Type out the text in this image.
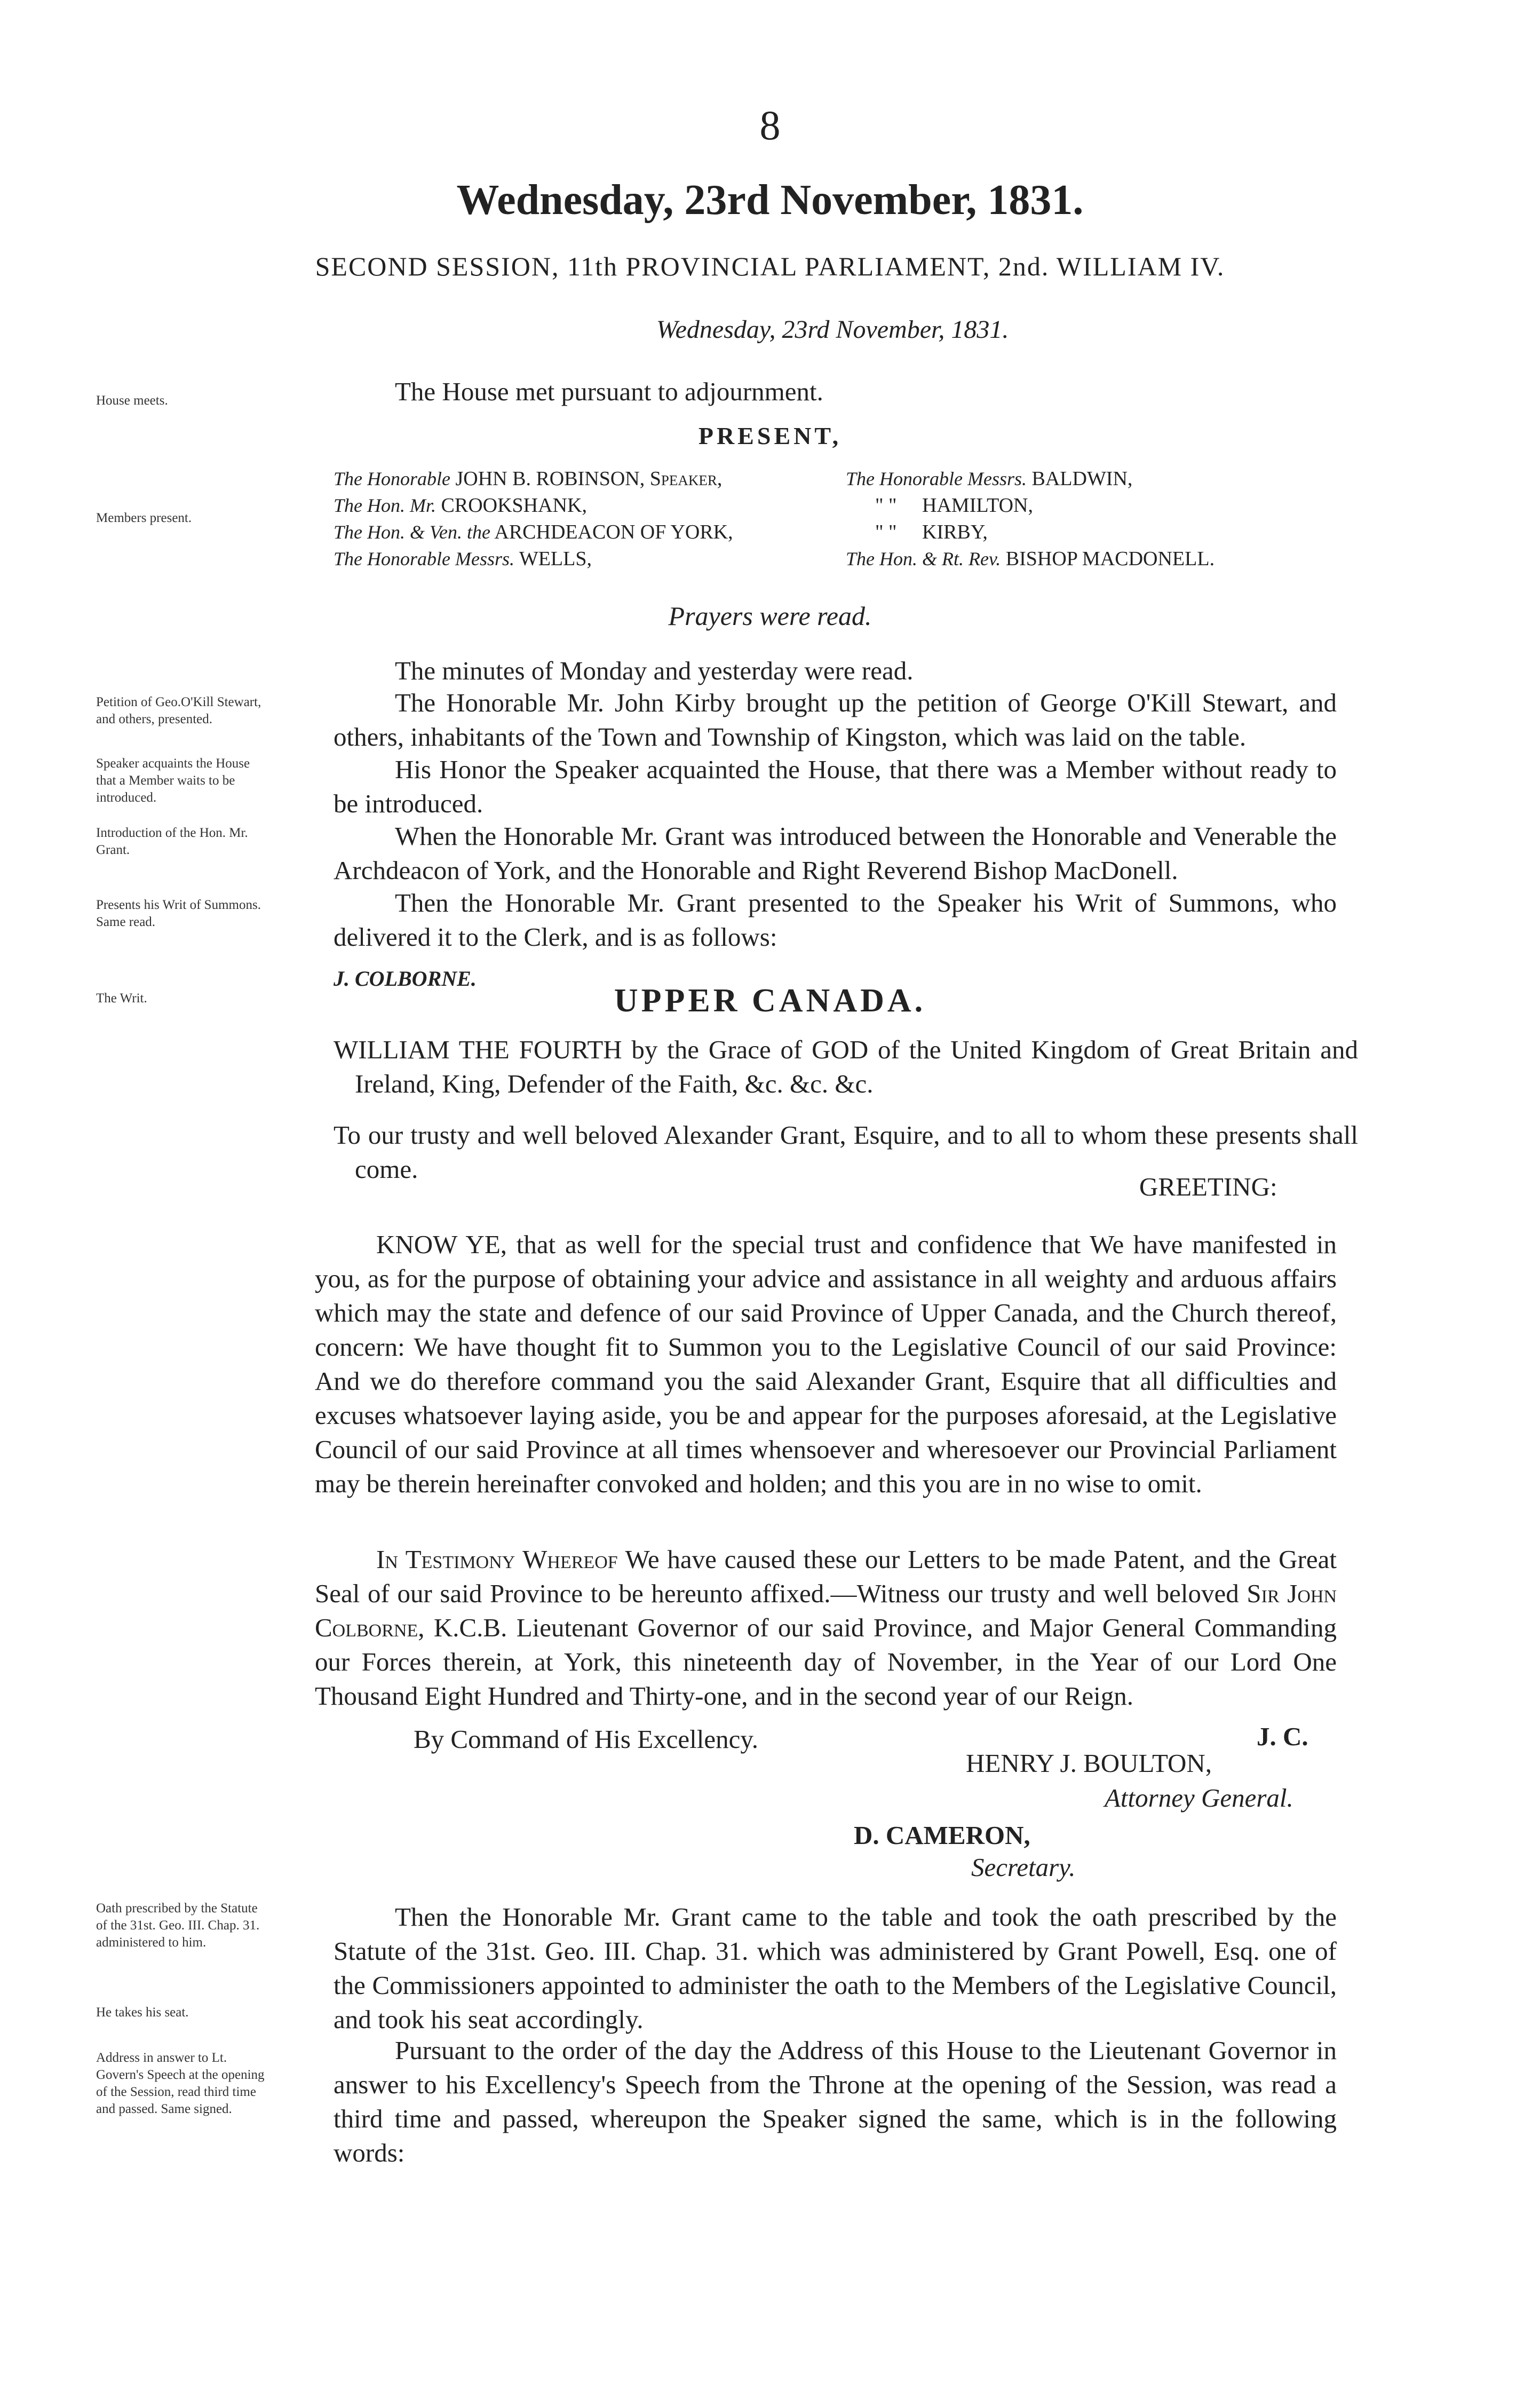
8
Wednesday, 23rd November, 1831.
SECOND SESSION, 11th PROVINCIAL PARLIAMENT, 2nd. WILLIAM IV.
Wednesday, 23rd November, 1831.
House meets.
Members present.
Petition of Geo.O'Kill Stewart, and others, presented.
Speaker acquaints the House that a Member waits to be introduced.
Introduction of the Hon. Mr. Grant.
Presents his Writ of Summons. Same read.
The Writ.
Oath prescribed by the Statute of the 31st. Geo. III. Chap. 31. administered to him.
He takes his seat.
Address in answer to Lt. Govern's Speech at the opening of the Session, read third time and passed. Same signed.
The House met pursuant to adjournment.
PRESENT,
The Honorable JOHN B. ROBINSON, Speaker,
The Hon. Mr. CROOKSHANK,
The Hon. & Ven. the ARCHDEACON OF YORK,
The Honorable Messrs. WELLS,
The Honorable Messrs. BALDWIN,
" " HAMILTON,
" " KIRBY,
The Hon. & Rt. Rev. BISHOP MACDONELL.
Prayers were read.
The minutes of Monday and yesterday were read.
The Honorable Mr. John Kirby brought up the petition of George O'Kill Stewart, and others, inhabitants of the Town and Township of Kingston, which was laid on the table.
His Honor the Speaker acquainted the House, that there was a Member without ready to be introduced.
When the Honorable Mr. Grant was introduced between the Honorable and Venerable the Archdeacon of York, and the Honorable and Right Reverend Bishop MacDonell.
Then the Honorable Mr. Grant presented to the Speaker his Writ of Summons, who delivered it to the Clerk, and is as follows:
J. COLBORNE.
UPPER CANADA.
WILLIAM THE FOURTH by the Grace of GOD of the United Kingdom of Great Britain and Ireland, King, Defender of the Faith, &c. &c. &c.
To our trusty and well beloved Alexander Grant, Esquire, and to all to whom these presents shall come.
GREETING:
KNOW YE, that as well for the special trust and confidence that We have manifested in you, as for the purpose of obtaining your advice and assistance in all weighty and arduous affairs which may the state and defence of our said Province of Upper Canada, and the Church thereof, concern: We have thought fit to Summon you to the Legislative Council of our said Province: And we do therefore command you the said Alexander Grant, Esquire that all difficulties and excuses whatsoever laying aside, you be and appear for the purposes aforesaid, at the Legislative Council of our said Province at all times whensoever and wheresoever our Provincial Parliament may be therein hereinafter convoked and holden; and this you are in no wise to omit.
In Testimony Whereof We have caused these our Letters to be made Patent, and the Great Seal of our said Province to be hereunto affixed.—Witness our trusty and well beloved Sir John Colborne, K.C.B. Lieutenant Governor of our said Province, and Major General Commanding our Forces therein, at York, this nineteenth day of November, in the Year of our Lord One Thousand Eight Hundred and Thirty-one, and in the second year of our Reign.
By Command of His Excellency.	J. C.
HENRY J. BOULTON,
Attorney General.
D. CAMERON,
Secretary.
Then the Honorable Mr. Grant came to the table and took the oath prescribed by the Statute of the 31st. Geo. III. Chap. 31. which was administered by Grant Powell, Esq. one of the Commissioners appointed to administer the oath to the Members of the Legislative Council, and took his seat accordingly.
Pursuant to the order of the day the Address of this House to the Lieutenant Governor in answer to his Excellency's Speech from the Throne at the opening of the Session, was read a third time and passed, whereupon the Speaker signed the same, which is in the following words:
